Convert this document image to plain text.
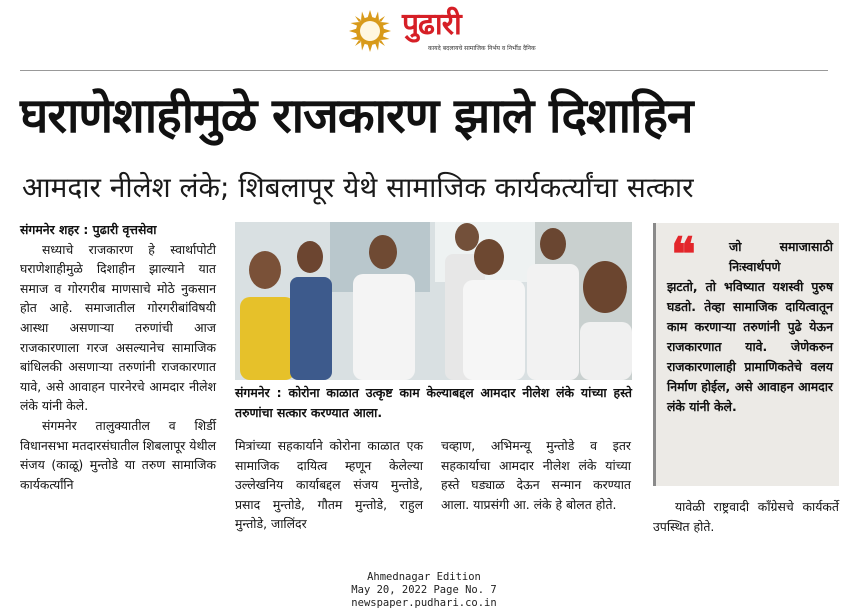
पुढारी
कायदे बदलायचे सामाजिक निर्भय व निर्भीड दैनिक
घराणेशाहीमुळे राजकारण झाले दिशाहिन
आमदार नीलेश लंके; शिबलापूर येथे सामाजिक कार्यकर्त्यांचा सत्कार

संगमनेर शहर : पुढारी वृत्तसेवा

सध्याचे राजकारण हे स्वार्थापोटी घराणेशाहीमुळे दिशाहीन झाल्याने यात समाज व गोरगरीब माणसाचे मोठे नुकसान होत आहे. समाजातील गोरगरीबांविषयी आस्था असणाऱ्या तरुणांची आज राजकारणाला गरज असल्यानेच सामाजिक बांधिलकी असणाऱ्या तरुणांनी राजकारणात यावे, असे आवाहन पारनेरचे आमदार नीलेश लंके यांनी केले.

संगमनेर तालुक्यातील व शिर्डी विधानसभा मतदारसंघातील शिबलापूर येथील संजय (काळू) मुन्तोडे या तरुण सामाजिक कार्यकर्त्यांनि

संगमनेर : कोरोना काळात उत्कृष्ट काम केल्याबद्दल आमदार नीलेश लंके यांच्या हस्ते तरुणांचा सत्कार करण्यात आला.

मित्रांच्या सहकार्याने कोरोना काळात एक सामाजिक दायित्व म्हणून केलेल्या उल्लेखनिय कार्याबद्दल संजय मुन्तोडे, प्रसाद मुन्तोडे, गौतम मुन्तोडे, राहुल मुन्तोडे, जालिंदर

चव्हाण, अभिमन्यू मुन्तोडे व इतर सहकार्याचा आमदार नीलेश लंके यांच्या हस्ते घड्याळ देऊन सन्मान करण्यात आला. याप्रसंगी आ. लंके हे बोलत होते.

❝	जो समाजासाठी निःस्वार्थपणे
झटतो, तो भविष्यात यशस्वी पुरुष घडतो. तेव्हा सामाजिक दायित्वातून काम करणाऱ्या तरुणांनी पुढे येऊन राजकारणात यावे. जेणेकरुन राजकारणालाही प्रामाणिकतेचे वलय निर्माण होईल, असे आवाहन आमदार लंके यांनी केले.

यावेळी राष्ट्रवादी काँग्रेसचे कार्यकर्ते उपस्थित होते.

Ahmednagar Edition
May 20, 2022 Page No. 7
newspaper.pudhari.co.in
